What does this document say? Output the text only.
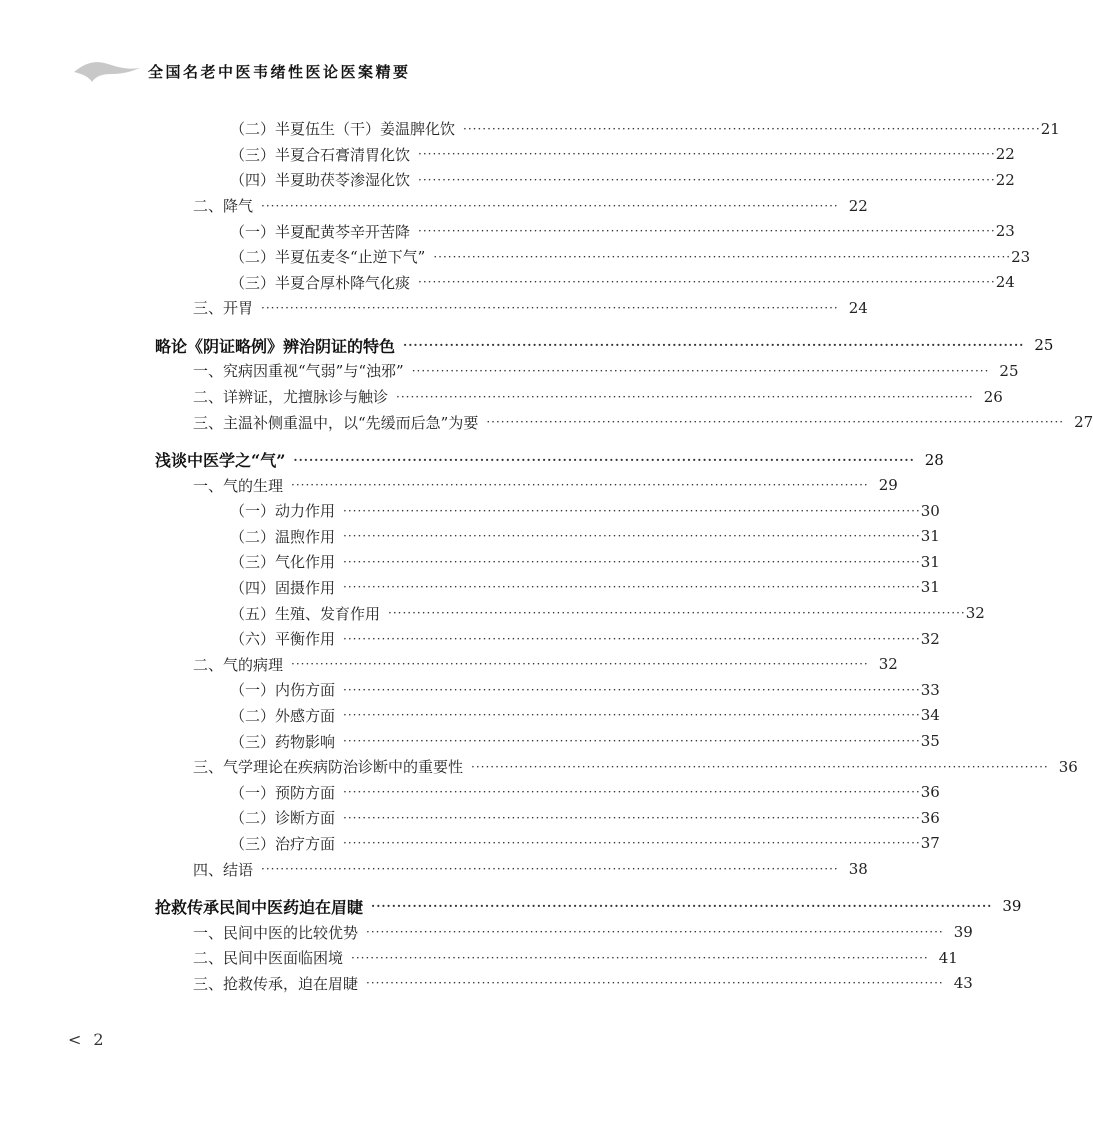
全国名老中医韦绪性医论医案精要
（二）半夏伍生（干）姜温脾化饮 ························································································································ 21
（三）半夏合石膏清胃化饮 ························································································································ 22
（四）半夏助茯苓渗湿化饮 ························································································································ 22
二、降气 ························································································································ 22
（一）半夏配黄芩辛开苦降 ························································································································ 23
（二）半夏伍麦冬“止逆下气” ························································································································ 23
（三）半夏合厚朴降气化痰 ························································································································ 24
三、开胃 ························································································································ 24
略论《阴证略例》辨治阴证的特色 ························································································································ 25
一、究病因重视“气弱”与“浊邪” ························································································································ 25
二、详辨证，尤擅脉诊与触诊 ························································································································ 26
三、主温补侧重温中，以“先缓而后急”为要 ························································································································ 27
浅谈中医学之“气” ························································································································ 28
一、气的生理 ························································································································ 29
（一）动力作用 ························································································································ 30
（二）温煦作用 ························································································································ 31
（三）气化作用 ························································································································ 31
（四）固摄作用 ························································································································ 31
（五）生殖、发育作用 ························································································································ 32
（六）平衡作用 ························································································································ 32
二、气的病理 ························································································································ 32
（一）内伤方面 ························································································································ 33
（二）外感方面 ························································································································ 34
（三）药物影响 ························································································································ 35
三、气学理论在疾病防治诊断中的重要性 ························································································································ 36
（一）预防方面 ························································································································ 36
（二）诊断方面 ························································································································ 36
（三）治疗方面 ························································································································ 37
四、结语 ························································································································ 38
抢救传承民间中医药迫在眉睫 ························································································································ 39
一、民间中医的比较优势 ························································································································ 39
二、民间中医面临困境 ························································································································ 41
三、抢救传承，迫在眉睫 ························································································································ 43
< 2
